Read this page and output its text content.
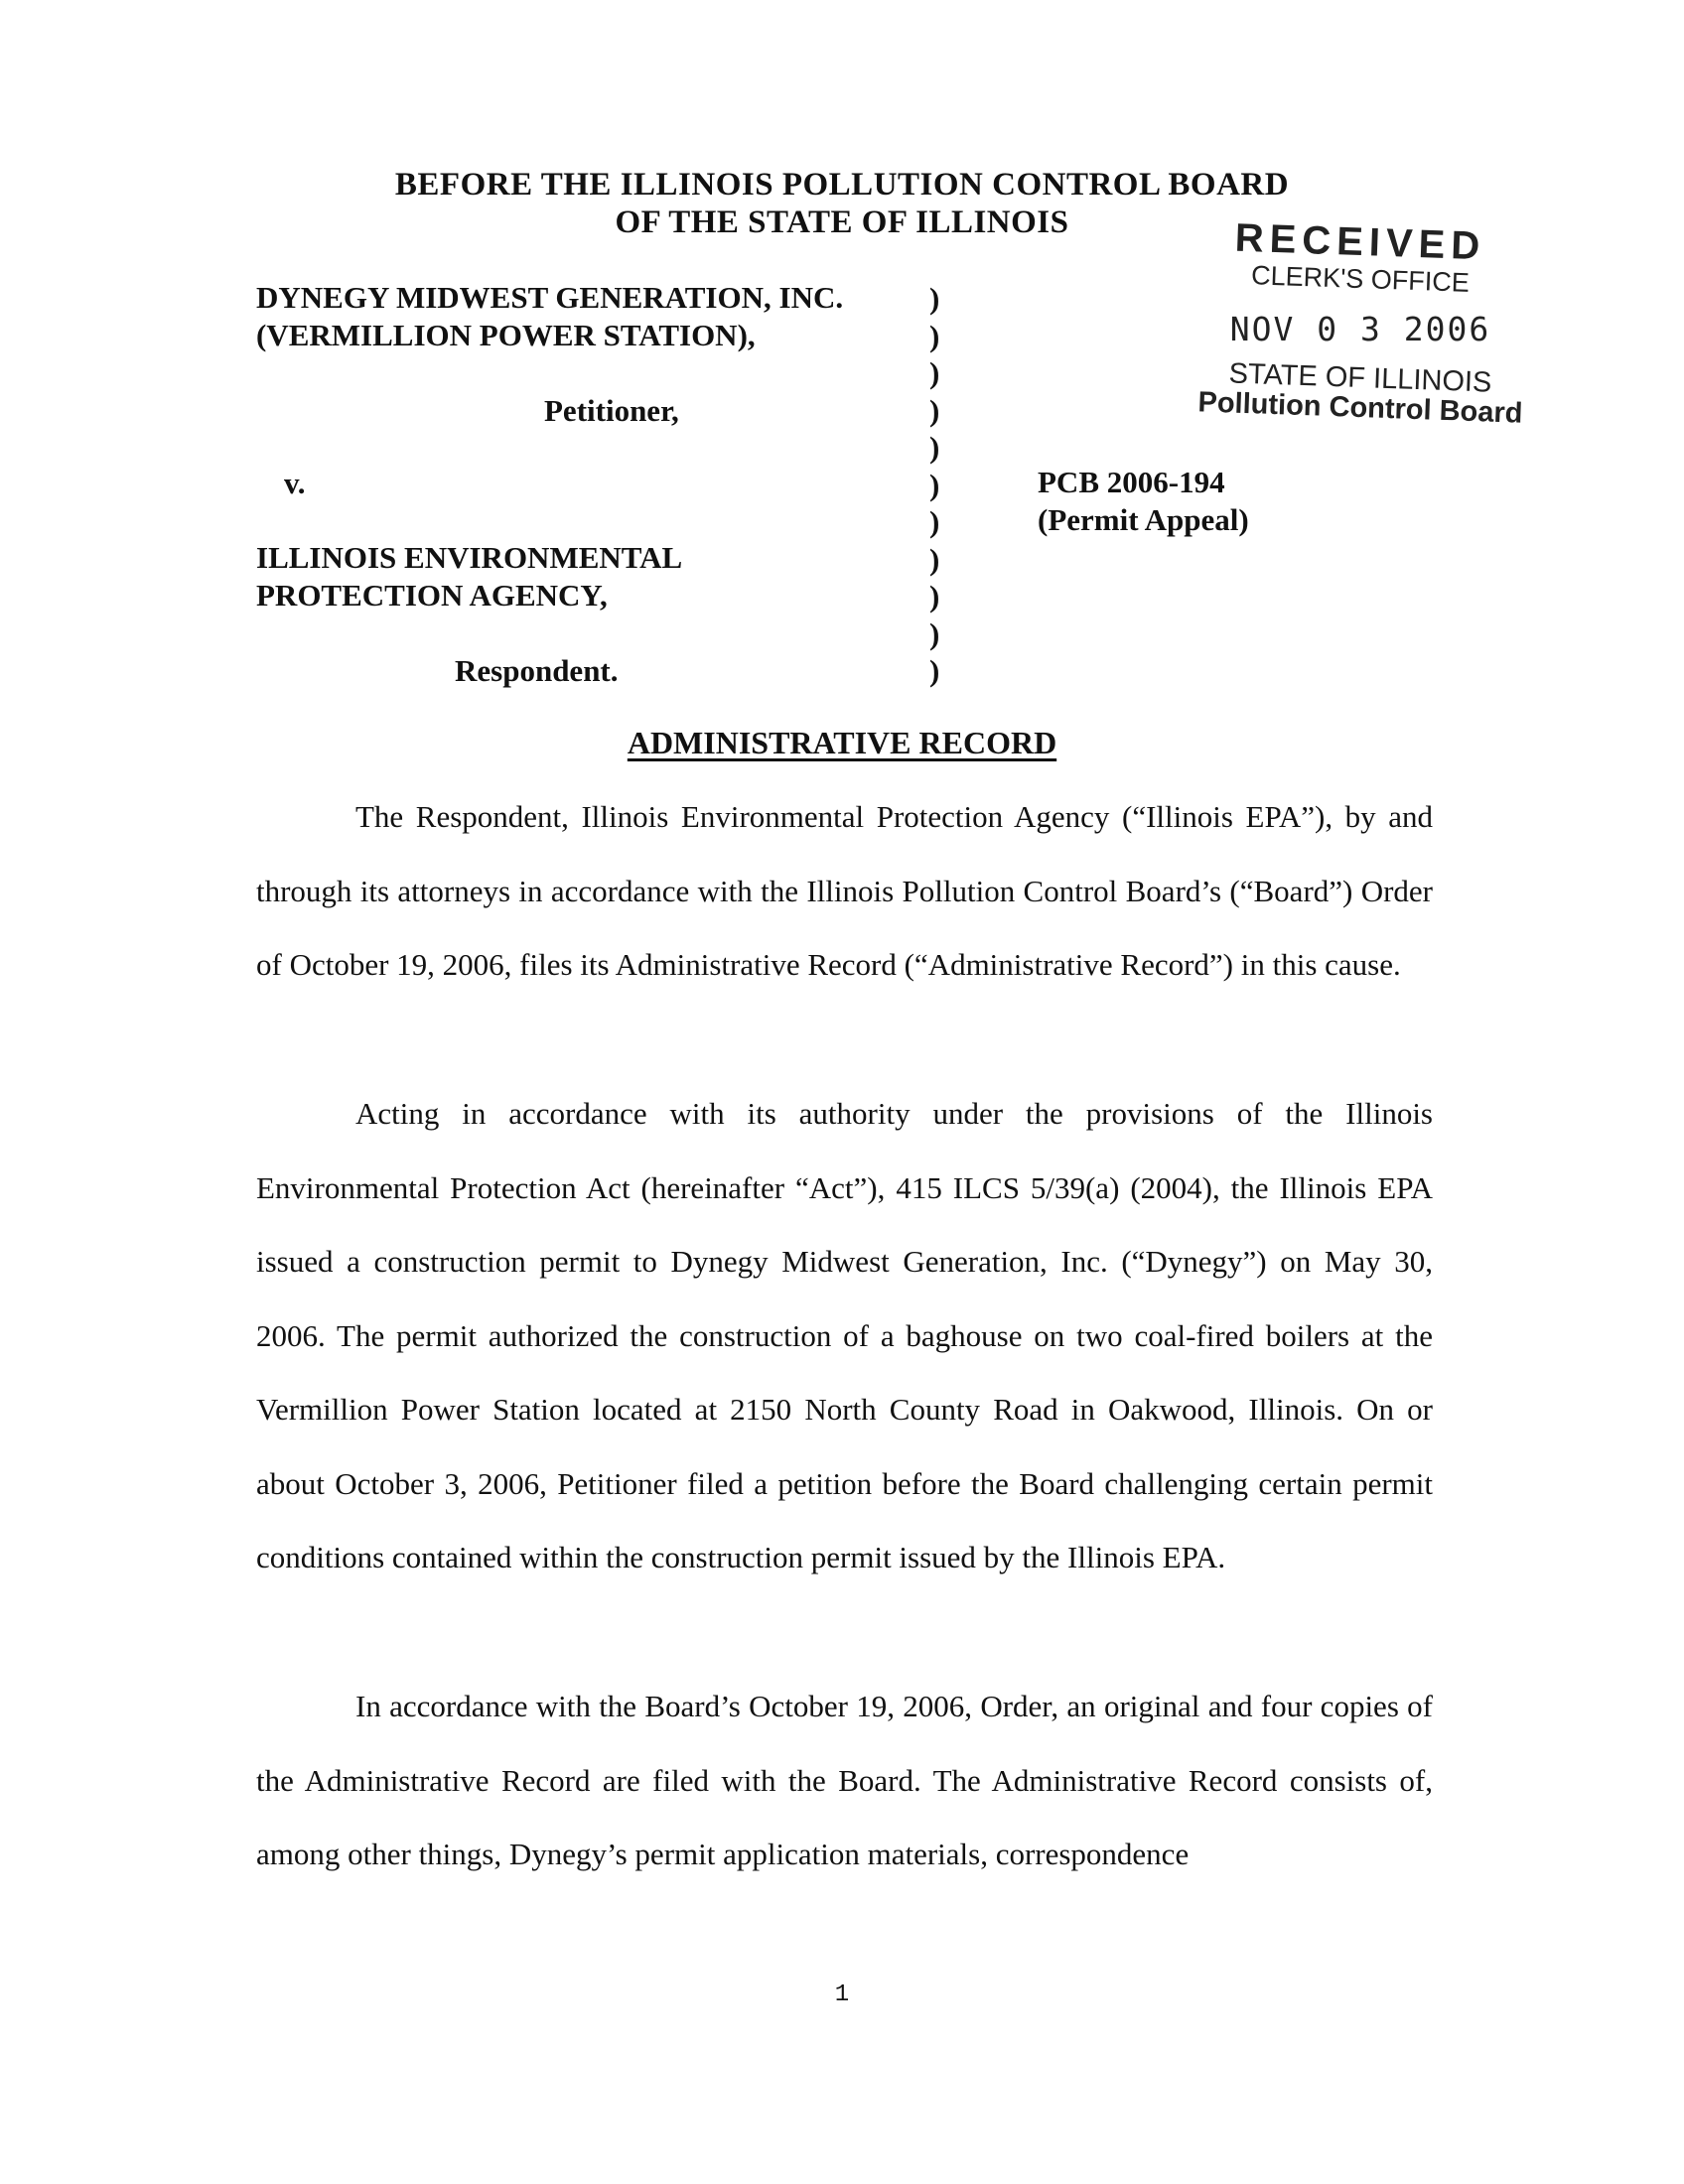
BEFORE THE ILLINOIS POLLUTION CONTROL BOARD
OF THE STATE OF ILLINOIS
DYNEGY MIDWEST GENERATION, INC.
(VERMILLION POWER STATION),
Petitioner,
v.
ILLINOIS ENVIRONMENTAL
PROTECTION AGENCY,
Respondent.
)
)
)
)
)
)
)
)
)
)
)
PCB 2006-194
(Permit Appeal)
RECEIVED
CLERK'S OFFICE
NOV 0 3 2006
STATE OF ILLINOIS
Pollution Control Board
ADMINISTRATIVE RECORD

The Respondent, Illinois Environmental Protection Agency (“Illinois EPA”), by and through its attorneys in accordance with the Illinois Pollution Control Board’s (“Board”) Order of October 19, 2006, files its Administrative Record (“Administrative Record”) in this cause.

Acting in accordance with its authority under the provisions of the Illinois Environmental Protection Act (hereinafter “Act”), 415 ILCS 5/39(a) (2004), the Illinois EPA issued a construction permit to Dynegy Midwest Generation, Inc. (“Dynegy”) on May 30, 2006. The permit authorized the construction of a baghouse on two coal-fired boilers at the Vermillion Power Station located at 2150 North County Road in Oakwood, Illinois. On or about October 3, 2006, Petitioner filed a petition before the Board challenging certain permit conditions contained within the construction permit issued by the Illinois EPA.

In accordance with the Board’s October 19, 2006, Order, an original and four copies of the Administrative Record are filed with the Board. The Administrative Record consists of, among other things, Dynegy’s permit application materials, correspondence

1
